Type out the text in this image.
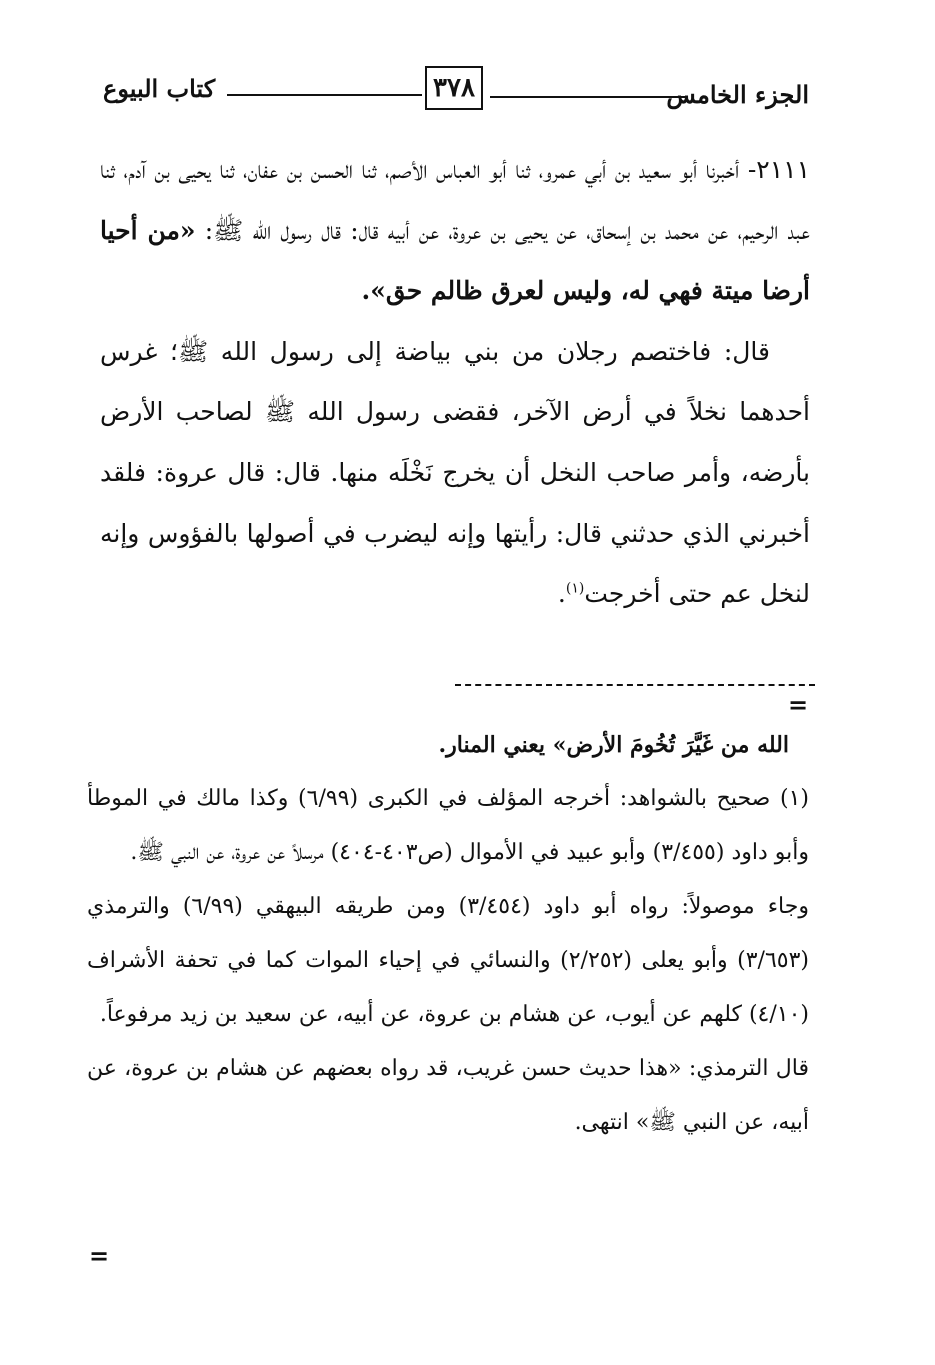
الجزء الخامس
٣٧٨
كتاب البيوع

٢١١١- أخبرنا أبو سعيد بن أبي عمرو، ثنا أبو العباس الأصم، ثنا الحسن بن عفان، ثنا يحيى بن آدم، ثنا عبد الرحيم، عن محمد بن إسحاق، عن يحيى بن عروة، عن أبيه قال: قال رسول الله ﷺ: «من أحيا أرضا ميتة فهي له، وليس لعرق ظالم حق».

قال: فاختصم رجلان من بني بياضة إلى رسول الله ﷺ؛ غرس أحدهما نخلاً في أرض الآخر، فقضى رسول الله ﷺ لصاحب الأرض بأرضه، وأمر صاحب النخل أن يخرج نَخْلَه منها. قال: قال عروة: فلقد أخبرني الذي حدثني قال: رأيتها وإنه ليضرب في أصولها بالفؤوس وإنه لنخل عم حتى أخرجت$^{(١)}$.

=

الله من غَيَّرَ تُخُومَ الأرض» يعني المنار.

(١) صحيح بالشواهد: أخرجه المؤلف في الكبرى (٦/٩٩) وكذا مالك في الموطأ وأبو داود (٣/٤٥٥) وأبو عبيد في الأموال (ص٤٠٣-٤٠٤) مرسلاً عن عروة، عن النبي ﷺ.

وجاء موصولاً: رواه أبو داود (٣/٤٥٤) ومن طريقه البيهقي (٦/٩٩) والترمذي (٣/٦٥٣) وأبو يعلى (٢/٢٥٢) والنسائي في إحياء الموات كما في تحفة الأشراف (٤/١٠) كلهم عن أيوب، عن هشام بن عروة، عن أبيه، عن سعيد بن زيد مرفوعاً.

قال الترمذي: «هذا حديث حسن غريب، قد رواه بعضهم عن هشام بن عروة، عن أبيه، عن النبي ﷺ» انتهى.

=
